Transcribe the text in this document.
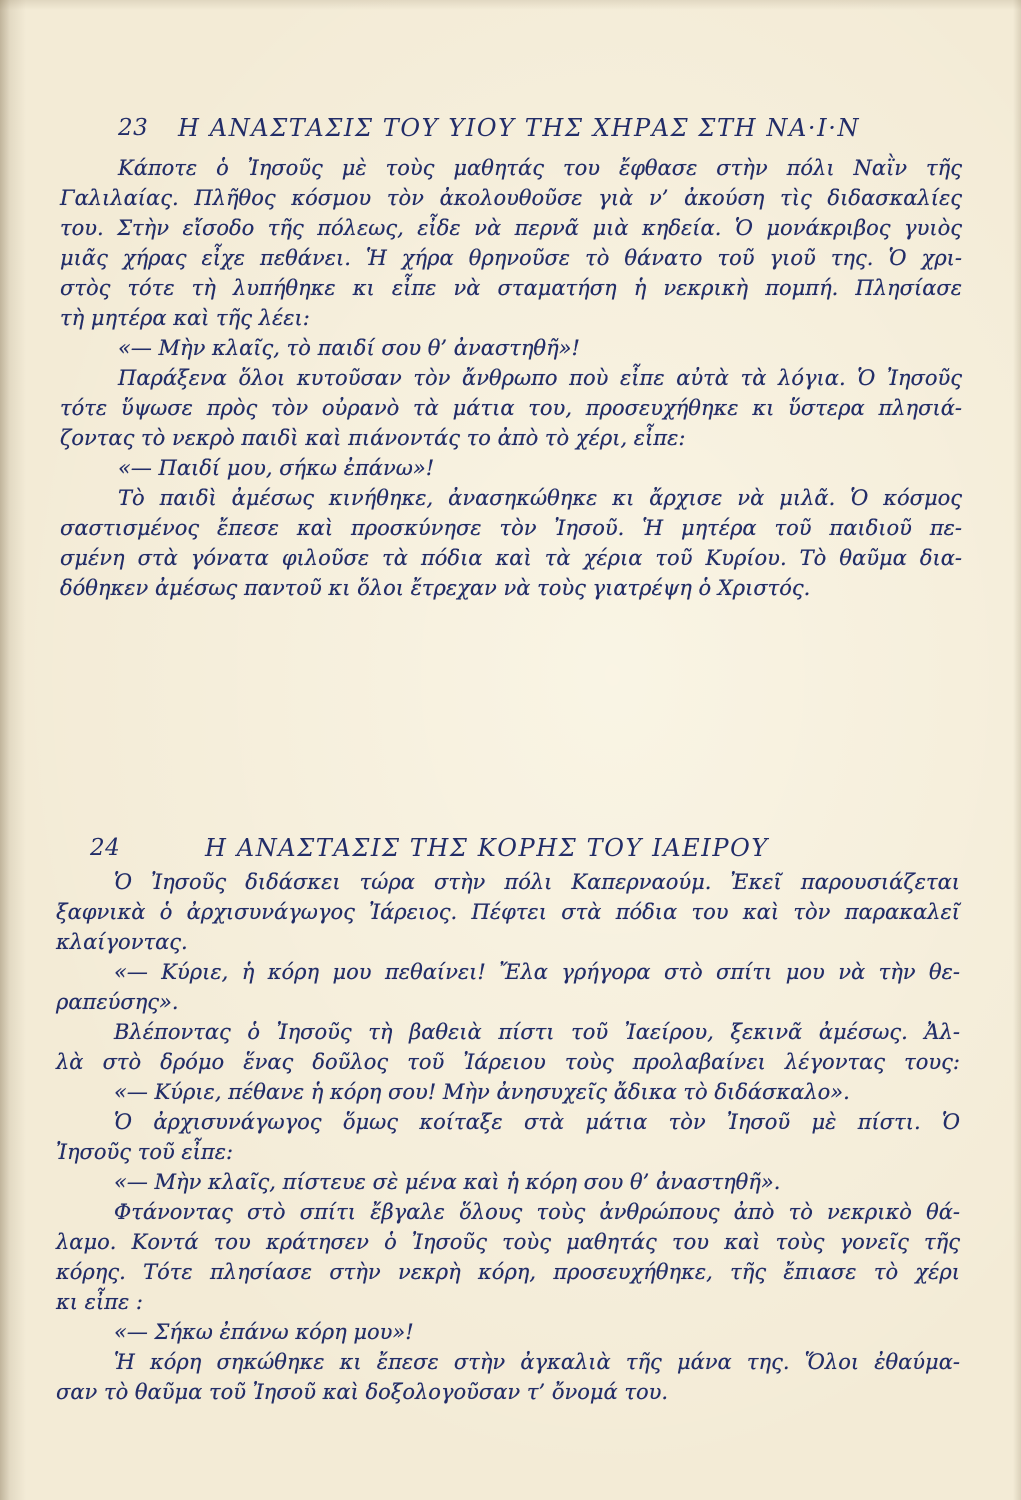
23 Η ΑΝΑΣΤΑΣΙΣ ΤΟΥ ΥΙΟΥ ΤΗΣ ΧΗΡΑΣ ΣΤΗ ΝΑ·Ι·Ν
Κάποτε ὁ Ἰησοῦς μὲ τοὺς μαθητάς του ἔφθασε στὴν πόλι Ναῒν τῆς
Γαλιλαίας. Πλῆθος κόσμου τὸν ἀκολουθοῦσε γιὰ ν’ ἀκούση τὶς διδασκαλίες
του. Στὴν εἴσοδο τῆς πόλεως, εἶδε νὰ περνᾶ μιὰ κηδεία. Ὁ μονάκριβος γυιὸς
μιᾶς χήρας εἶχε πεθάνει. Ἡ χήρα θρηνοῦσε τὸ θάνατο τοῦ γιοῦ της. Ὁ χρι-
στὸς τότε τὴ λυπήθηκε κι εἶπε νὰ σταματήση ἡ νεκρικὴ πομπή. Πλησίασε
τὴ μητέρα καὶ τῆς λέει:
«— Μὴν κλαῖς, τὸ παιδί σου θ’ ἀναστηθῆ»!
Παράξενα ὅλοι κυτοῦσαν τὸν ἄνθρωπο ποὺ εἶπε αὐτὰ τὰ λόγια. Ὁ Ἰησοῦς
τότε ὕψωσε πρὸς τὸν οὐρανὸ τὰ μάτια του, προσευχήθηκε κι ὕστερα πλησιά-
ζοντας τὸ νεκρὸ παιδὶ καὶ πιάνοντάς το ἀπὸ τὸ χέρι, εἶπε:
«— Παιδί μου, σήκω ἐπάνω»!
Τὸ παιδὶ ἀμέσως κινήθηκε, ἀνασηκώθηκε κι ἄρχισε νὰ μιλᾶ. Ὁ κόσμος
σαστισμένος ἔπεσε καὶ προσκύνησε τὸν Ἰησοῦ. Ἡ μητέρα τοῦ παιδιοῦ πε-
σμένη στὰ γόνατα φιλοῦσε τὰ πόδια καὶ τὰ χέρια τοῦ Κυρίου. Τὸ θαῦμα δια-
δόθηκεν ἀμέσως παντοῦ κι ὅλοι ἔτρεχαν νὰ τοὺς γιατρέψη ὁ Χριστός.
24	Η ΑΝΑΣΤΑΣΙΣ ΤΗΣ ΚΟΡΗΣ ΤΟΥ ΙΑΕΙΡΟΥ
Ὁ Ἰησοῦς διδάσκει τώρα στὴν πόλι Καπερναούμ. Ἐκεῖ παρουσιάζεται
ξαφνικὰ ὁ ἀρχισυνάγωγος Ἰάρειος. Πέφτει στὰ πόδια του καὶ τὸν παρακαλεῖ
κλαίγοντας.
«— Κύριε, ἡ κόρη μου πεθαίνει! Ἔλα γρήγορα στὸ σπίτι μου νὰ τὴν θε-
ραπεύσης».
Βλέποντας ὁ Ἰησοῦς τὴ βαθειὰ πίστι τοῦ Ἰαείρου, ξεκινᾶ ἀμέσως. Ἀλ-
λὰ στὸ δρόμο ἕνας δοῦλος τοῦ Ἰάρειου τοὺς προλαβαίνει λέγοντας τους:
«— Κύριε, πέθανε ἡ κόρη σου! Μὴν ἀνησυχεῖς ἄδικα τὸ διδάσκαλο».
Ὁ ἀρχισυνάγωγος ὅμως κοίταξε στὰ μάτια τὸν Ἰησοῦ μὲ πίστι. Ὁ
Ἰησοῦς τοῦ εἶπε:
«— Μὴν κλαῖς, πίστευε σὲ μένα καὶ ἡ κόρη σου θ’ ἀναστηθῆ».
Φτάνοντας στὸ σπίτι ἔβγαλε ὅλους τοὺς ἀνθρώπους ἀπὸ τὸ νεκρικὸ θά-
λαμο. Κοντά του κράτησεν ὁ Ἰησοῦς τοὺς μαθητάς του καὶ τοὺς γονεῖς τῆς
κόρης. Τότε πλησίασε στὴν νεκρὴ κόρη, προσευχήθηκε, τῆς ἔπιασε τὸ χέρι
κι εἶπε :
«— Σήκω ἐπάνω κόρη μου»!
Ἡ κόρη σηκώθηκε κι ἔπεσε στὴν ἀγκαλιὰ τῆς μάνα της. Ὅλοι ἐθαύμα-
σαν τὸ θαῦμα τοῦ Ἰησοῦ καὶ δοξολογοῦσαν τ’ ὄνομά του.
